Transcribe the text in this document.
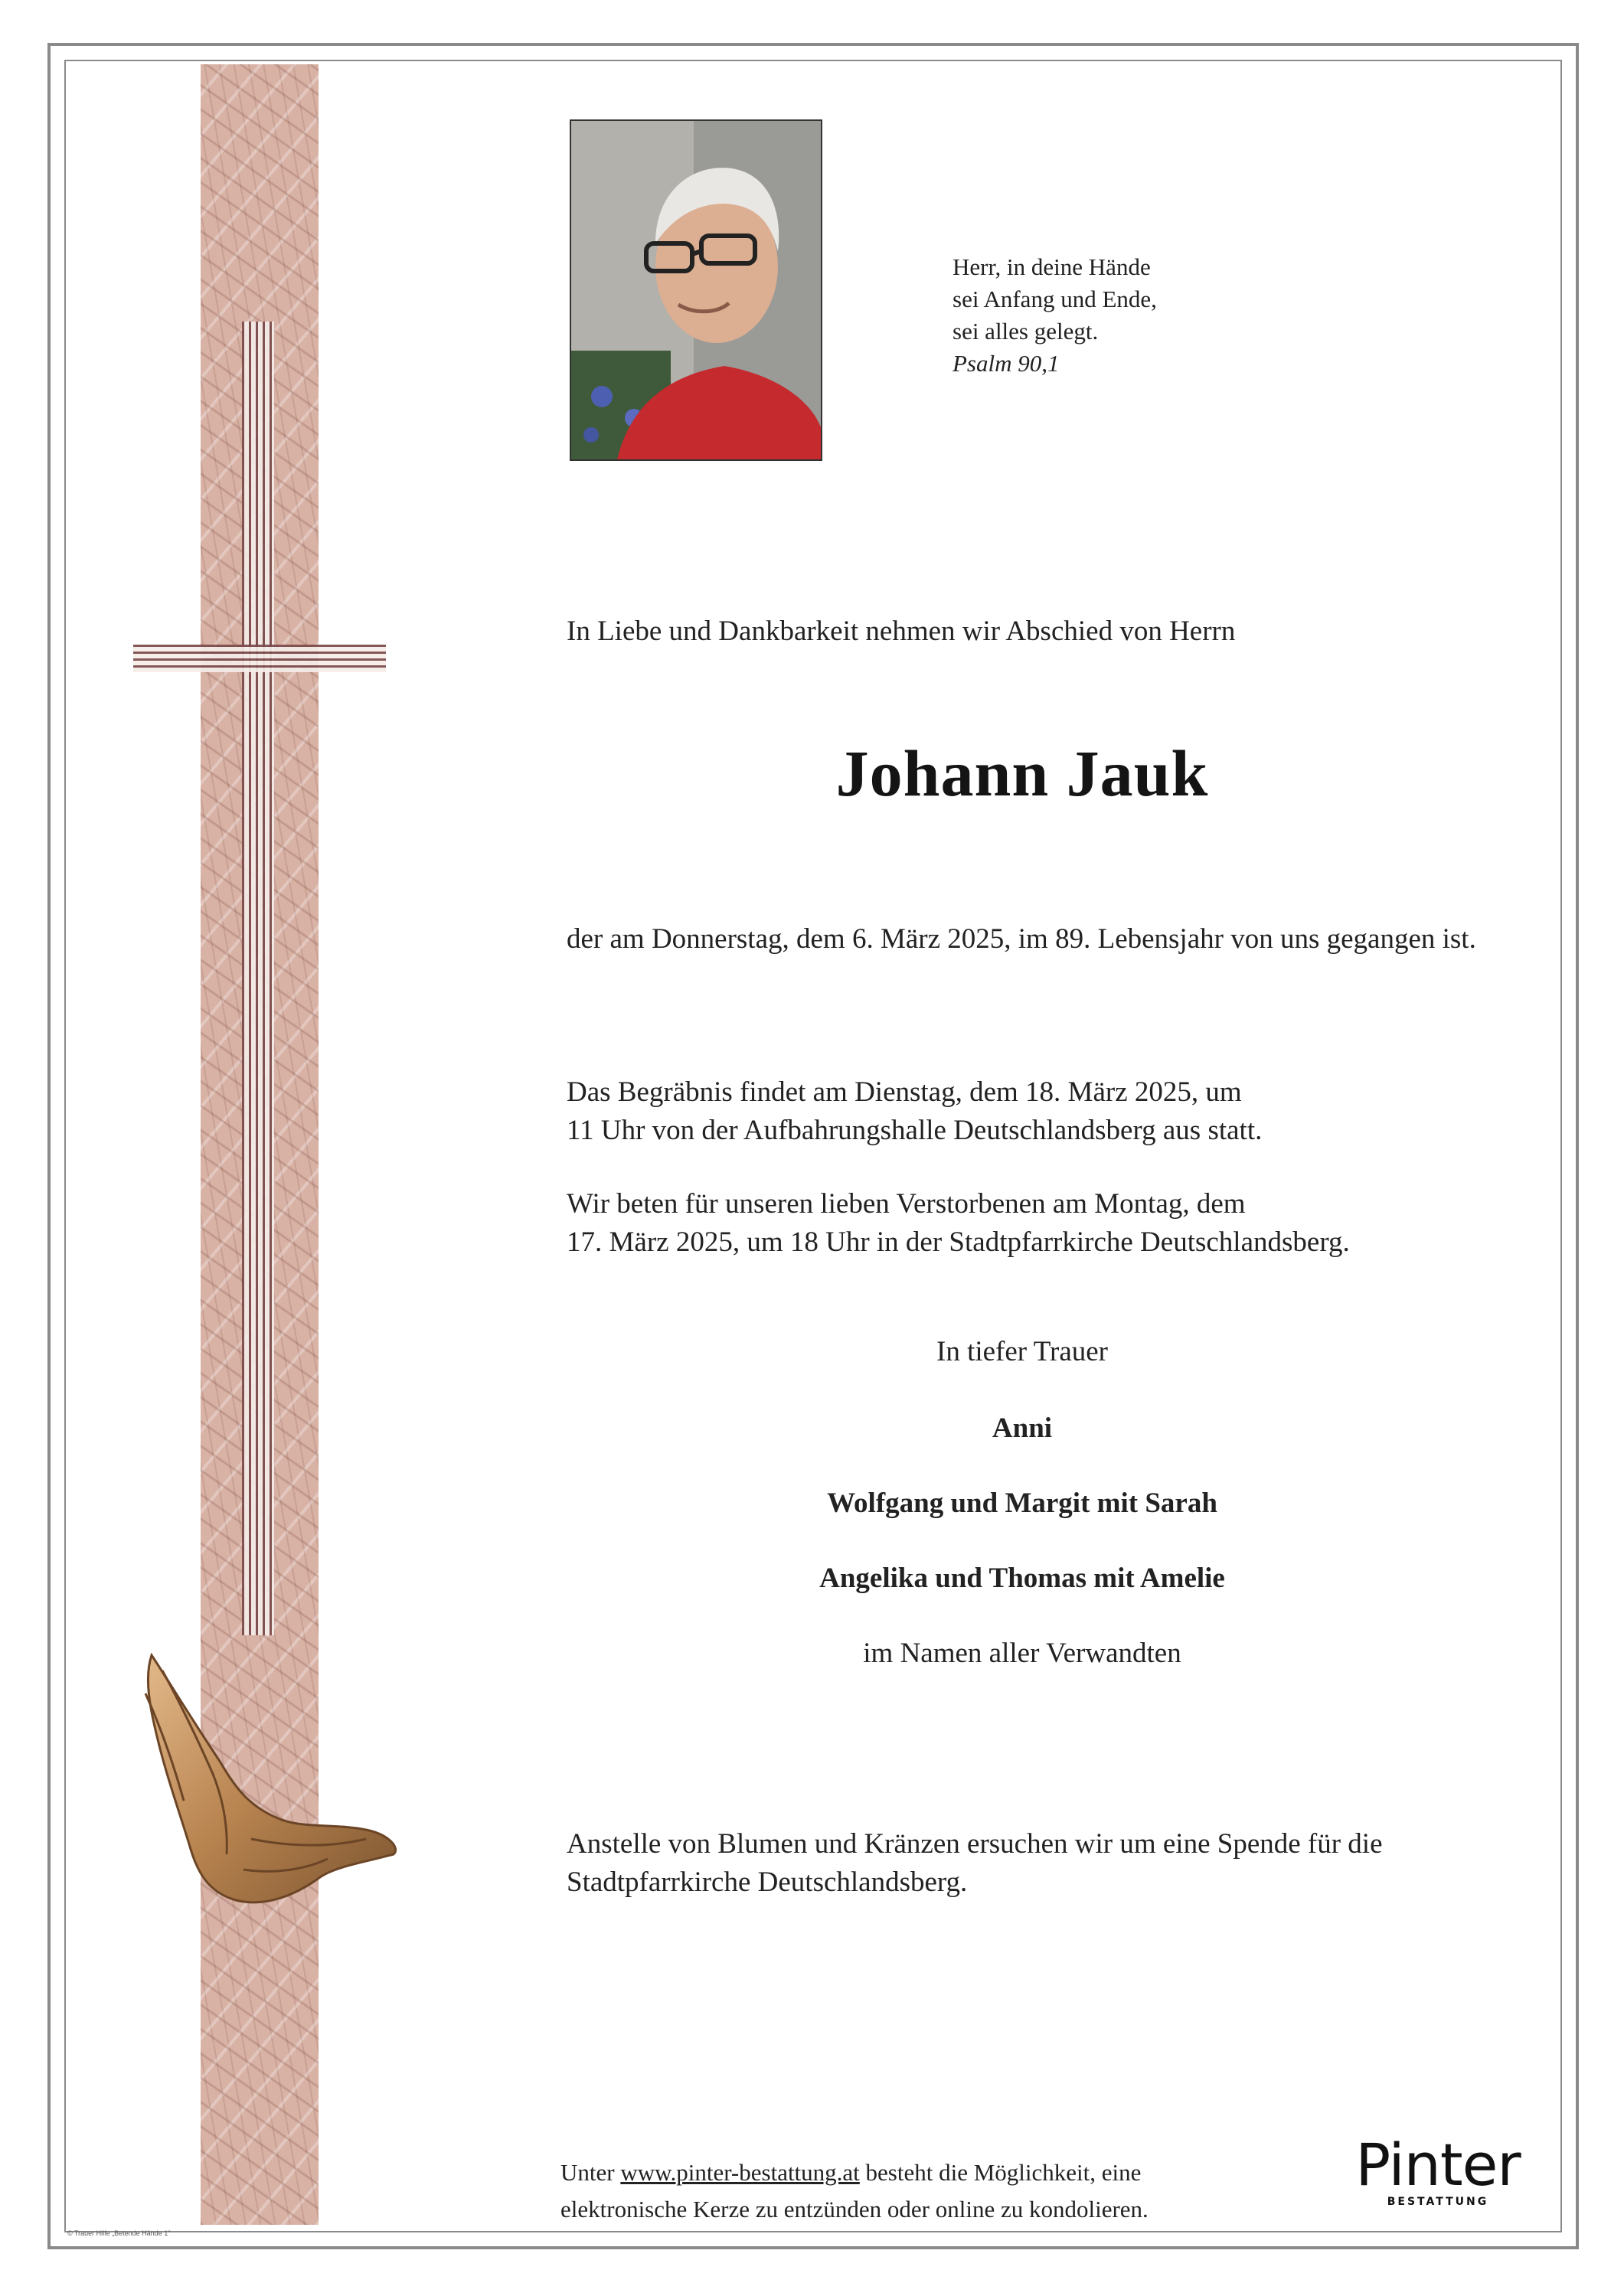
Herr, in deine Hände
sei Anfang und Ende,
sei alles gelegt.
Psalm 90,1
In Liebe und Dankbarkeit nehmen wir Abschied von Herrn
Johann Jauk
der am Donnerstag, dem 6. März 2025, im 89. Lebensjahr von uns gegangen ist.
Das Begräbnis findet am Dienstag, dem 18. März 2025, um
11 Uhr von der Aufbahrungshalle Deutschlandsberg aus statt.
Wir beten für unseren lieben Verstorbenen am Montag, dem
17. März 2025, um 18 Uhr in der Stadtpfarrkirche Deutschlandsberg.
In tiefer Trauer
Anni
Wolfgang und Margit mit Sarah
Angelika und Thomas mit Amelie
im Namen aller Verwandten
Anstelle von Blumen und Kränzen ersuchen wir um eine Spende für die
Stadtpfarrkirche Deutschlandsberg.
Unter www.pinter-bestattung.at besteht die Möglichkeit, eine
elektronische Kerze zu entzünden oder online zu kondolieren.
Pinter
BESTATTUNG
© Trauer Hilfe „Betende Hände 1"
